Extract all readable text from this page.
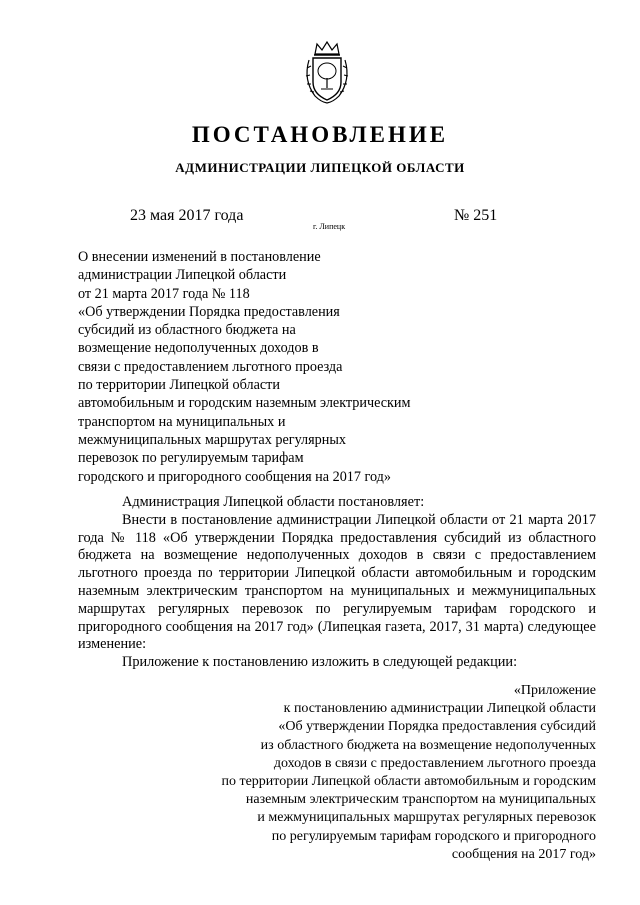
ПОСТАНОВЛЕНИЕ
АДМИНИСТРАЦИИ ЛИПЕЦКОЙ ОБЛАСТИ
23 мая 2017 года
г. Липецк
№ 251
О внесении изменений в постановление
администрации Липецкой области
от 21 марта 2017 года № 118
«Об утверждении Порядка предоставления
субсидий из областного бюджета на
возмещение недополученных доходов в
связи с предоставлением льготного проезда
по территории Липецкой области
автомобильным и городским наземным электрическим
транспортом на муниципальных и
межмуниципальных маршрутах регулярных
перевозок по регулируемым тарифам
городского и пригородного сообщения на 2017 год»

Администрация Липецкой области постановляет:

Внести в постановление администрации Липецкой области от 21 марта 2017 года № 118 «Об утверждении Порядка предоставления субсидий из областного бюджета на возмещение недополученных доходов в связи с предоставлением льготного проезда по территории Липецкой области автомобильным и городским наземным электрическим транспортом на муниципальных и межмуниципальных маршрутах регулярных перевозок по регулируемым тарифам городского и пригородного сообщения на 2017 год» (Липецкая газета, 2017, 31 марта) следующее изменение:

Приложение к постановлению изложить в следующей редакции:

«Приложение
к постановлению администрации Липецкой области
«Об утверждении Порядка предоставления субсидий
из областного бюджета на возмещение недополученных
доходов в связи с предоставлением льготного проезда
по территории Липецкой области автомобильным и городским
наземным электрическим транспортом на муниципальных
и межмуниципальных маршрутах регулярных перевозок
по регулируемым тарифам городского и пригородного
сообщения на 2017 год»
